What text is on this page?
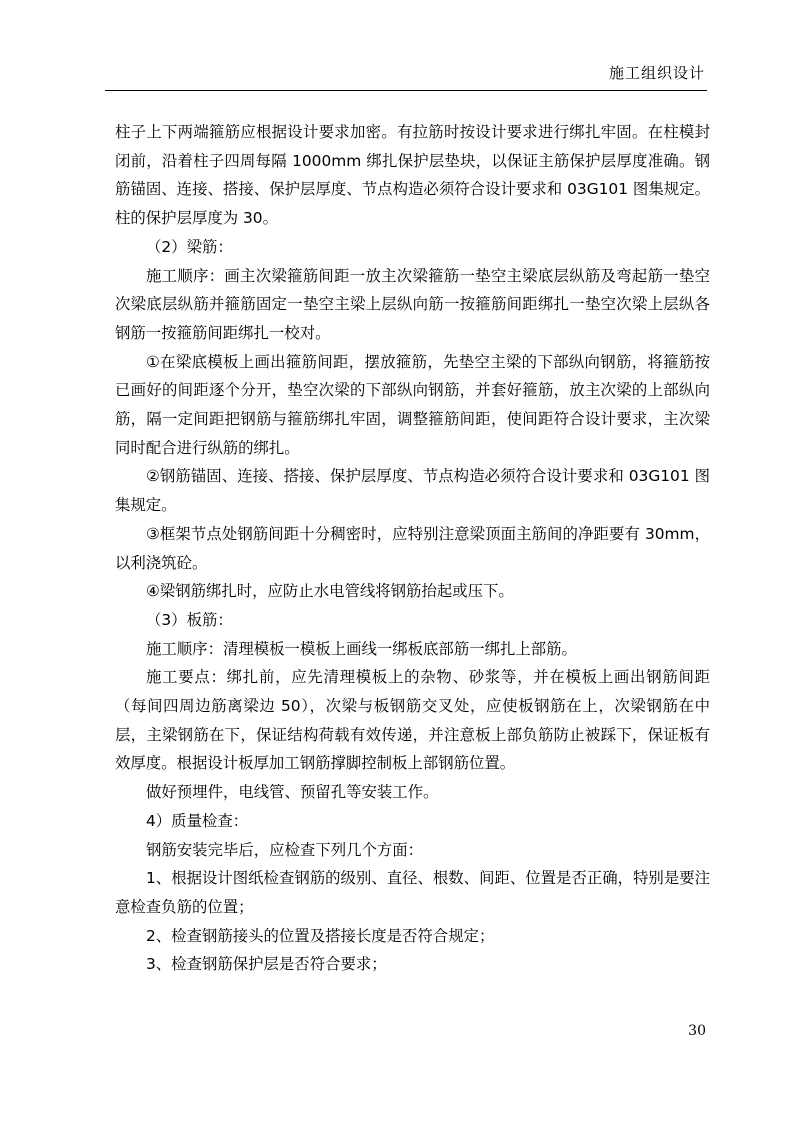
施工组织设计

柱子上下两端箍筋应根据设计要求加密。有拉筋时按设计要求进行绑扎牢固。在柱模封闭前，沿着柱子四周每隔 1000mm 绑扎保护层垫块，以保证主筋保护层厚度准确。钢筋锚固、连接、搭接、保护层厚度、节点构造必须符合设计要求和 03G101 图集规定。柱的保护层厚度为 30。

（2）梁筋：

施工顺序：画主次梁箍筋间距一放主次梁箍筋一垫空主梁底层纵筋及弯起筋一垫空次梁底层纵筋并箍筋固定一垫空主梁上层纵向筋一按箍筋间距绑扎一垫空次梁上层纵各钢筋一按箍筋间距绑扎一校对。

①在梁底模板上画出箍筋间距，摆放箍筋，先垫空主梁的下部纵向钢筋，将箍筋按已画好的间距逐个分开，垫空次梁的下部纵向钢筋，并套好箍筋，放主次梁的上部纵向筋，隔一定间距把钢筋与箍筋绑扎牢固，调整箍筋间距，使间距符合设计要求，主次梁同时配合进行纵筋的绑扎。

②钢筋锚固、连接、搭接、保护层厚度、节点构造必须符合设计要求和 03G101 图集规定。

③框架节点处钢筋间距十分稠密时，应特别注意梁顶面主筋间的净距要有 30mm，以利浇筑砼。

④梁钢筋绑扎时，应防止水电管线将钢筋抬起或压下。

（3）板筋：

施工顺序：清理模板一模板上画线一绑板底部筋一绑扎上部筋。

施工要点：绑扎前，应先清理模板上的杂物、砂浆等，并在模板上画出钢筋间距（每间四周边筋离梁边 50），次梁与板钢筋交叉处，应使板钢筋在上，次梁钢筋在中层，主梁钢筋在下，保证结构荷载有效传递，并注意板上部负筋防止被踩下，保证板有效厚度。根据设计板厚加工钢筋撑脚控制板上部钢筋位置。

做好预埋件，电线管、预留孔等安装工作。

4）质量检查：

钢筋安装完毕后，应检查下列几个方面：

1、根据设计图纸检查钢筋的级别、直径、根数、间距、位置是否正确，特别是要注意检查负筋的位置；

2、检查钢筋接头的位置及搭接长度是否符合规定；

3、检查钢筋保护层是否符合要求；

30
